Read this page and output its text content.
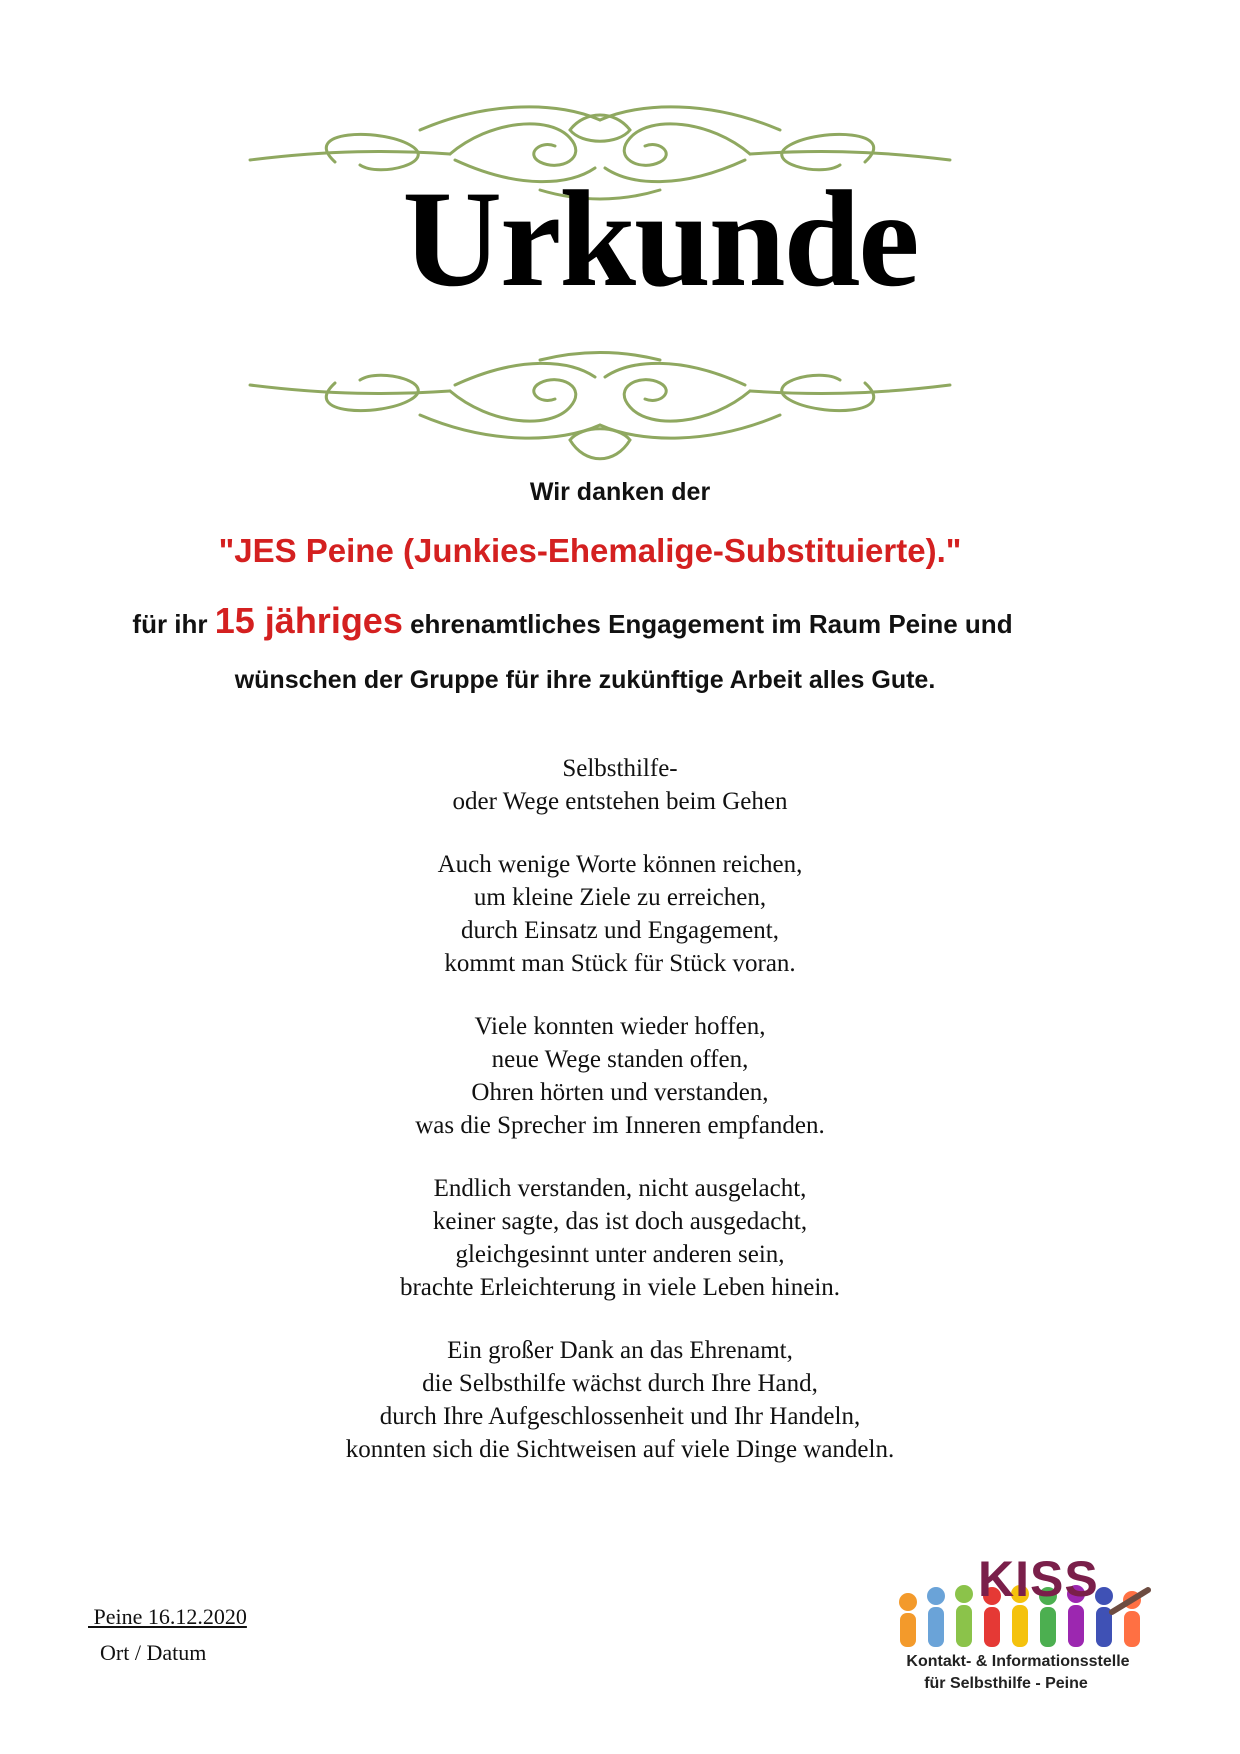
Urkunde
Wir danken der
"JES Peine (Junkies-Ehemalige-Substituierte)."
für ihr 15 jähriges ehrenamtliches Engagement im Raum Peine und
wünschen der Gruppe für ihre zukünftige Arbeit alles Gute.
Selbsthilfe-
oder Wege entstehen beim Gehen
Auch wenige Worte können reichen,
um kleine Ziele zu erreichen,
durch Einsatz und Engagement,
kommt man Stück für Stück voran.
Viele konnten wieder hoffen,
neue Wege standen offen,
Ohren hörten und verstanden,
was die Sprecher im Inneren empfanden.
Endlich verstanden, nicht ausgelacht,
keiner sagte, das ist doch ausgedacht,
gleichgesinnt unter anderen sein,
brachte Erleichterung in viele Leben hinein.
Ein großer Dank an das Ehrenamt,
die Selbsthilfe wächst durch Ihre Hand,
durch Ihre Aufgeschlossenheit und Ihr Handeln,
konnten sich die Sichtweisen auf viele Dinge wandeln.
Peine 16.12.2020
Ort / Datum
KISS
Kontakt- & Informationsstelle
für Selbsthilfe - Peine
